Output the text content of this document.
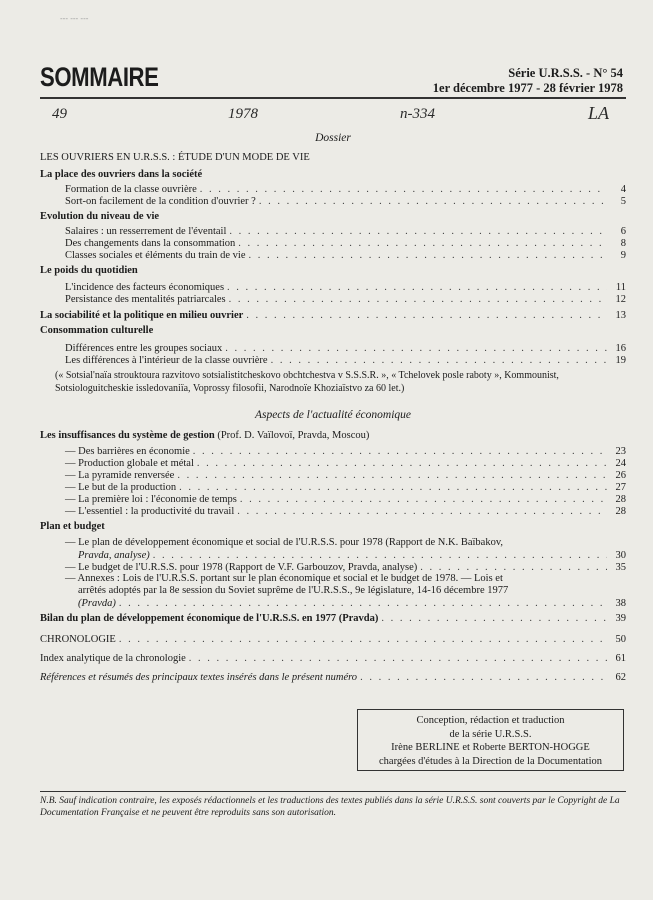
--- --- ---
SOMMAIRE	Série U.R.S.S. - N° 54
1er décembre 1977 - 28 février 1978
49	1978	n-334	LA
Dossier
LES OUVRIERS EN U.R.S.S. : ÉTUDE D'UN MODE DE VIE
La place des ouvriers dans la société
Formation de la classe ouvrière . . .	4
Sort-on facilement de la condition d'ouvrier ? . . .	5
Evolution du niveau de vie
Salaires : un resserrement de l'éventail . . .	6
Des changements dans la consommation . . .	8
Classes sociales et éléments du train de vie . . .	9
Le poids du quotidien
L'incidence des facteurs économiques . . .	11
Persistance des mentalités patriarcales . . .	12
La sociabilité et la politique en milieu ouvrier . . .	13
Consommation culturelle
Différences entre les groupes sociaux . . .	16
Les différences à l'intérieur de la classe ouvrière . . .	19
(« Sotsial'naïa strouktoura razvitovo sotsialistitcheskovo obchtchestva v S.S.S.R. », « Tchelovek posle raboty », Kommounist, Sotsiologuitcheskie issledovaniïa, Voprossy filosofii, Narodnoïe Khoziaïstvo za 60 let.)
Aspects de l'actualité économique
Les insuffisances du système de gestion (Prof. D. Vaïlovoï, Pravda, Moscou)
— Des barrières en économie . . .	23
— Production globale et métal . . .	24
— La pyramide renversée . . .	26
— Le but de la production . . .	27
— La première loi : l'économie de temps . . .	28
— L'essentiel : la productivité du travail . . .	28
Plan et budget
— Le plan de développement économique et social de l'U.R.S.S. pour 1978 (Rapport de N.K. Baïbakov,
Pravda, analyse) . . .	30
— Le budget de l'U.R.S.S. pour 1978 (Rapport de V.F. Garbouzov, Pravda, analyse) . . .	35
— Annexes : Lois de l'U.R.S.S. portant sur le plan économique et social et le budget de 1978. — Lois et
arrêtés adoptés par la 8e session du Soviet suprême de l'U.R.S.S., 9e législature, 14-16 décembre 1977
(Pravda) . . .	38
Bilan du plan de développement économique de l'U.R.S.S. en 1977 (Pravda) . . .	39
CHRONOLOGIE . . .	50
Index analytique de la chronologie . . .	61
Références et résumés des principaux textes insérés dans le présent numéro . . .	62
Conception, rédaction et traduction
de la série U.R.S.S.
Irène BERLINE et Roberte BERTON-HOGGE
chargées d'études à la Direction de la Documentation
N.B. Sauf indication contraire, les exposés rédactionnels et les traductions des textes publiés dans la série U.R.S.S. sont couverts par le Copyright de La Documentation Française et ne peuvent être reproduits sans son autorisation.
